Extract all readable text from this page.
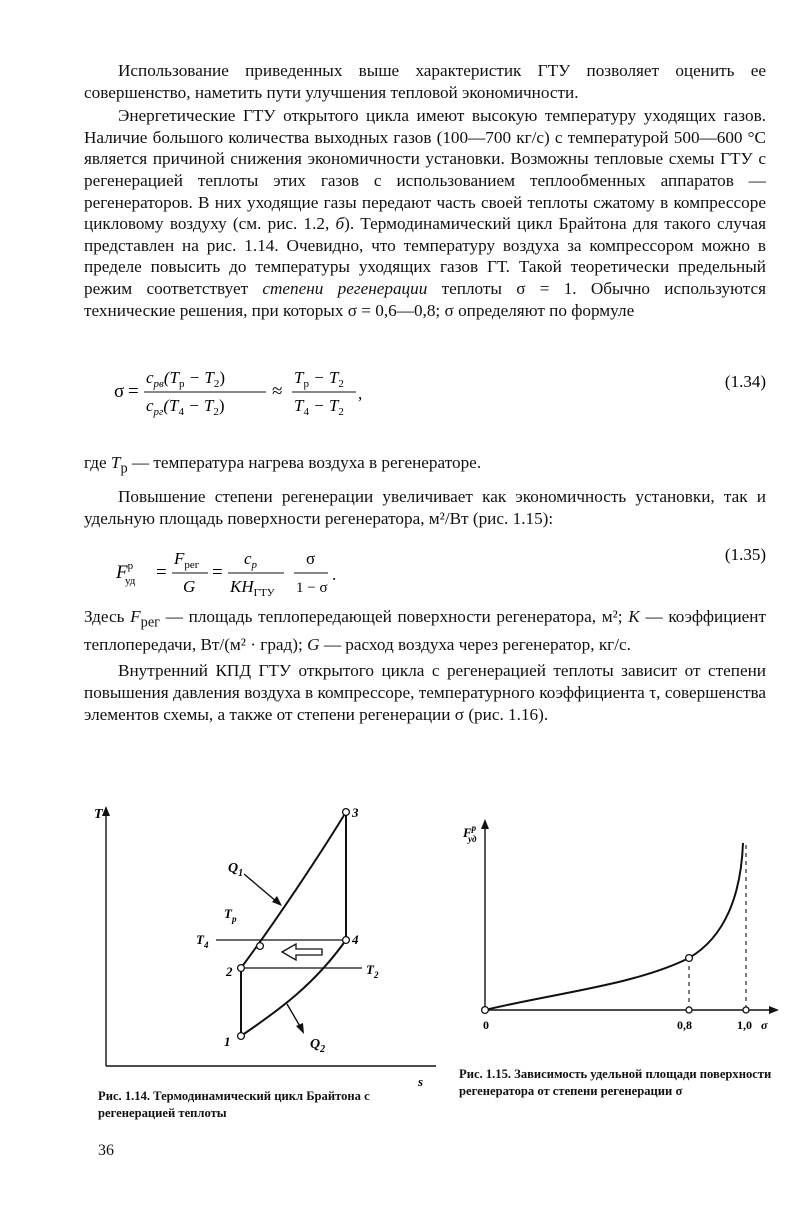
Использование приведенных выше характеристик ГТУ позволяет оценить ее совершенство, наметить пути улучшения тепловой экономичности.

Энергетические ГТУ открытого цикла имеют высокую температуру уходящих газов. Наличие большого количества выходных газов (100—700 кг/с) с температурой 500—600 °С является причиной снижения экономичности установки. Возможны тепловые схемы ГТУ с регенерацией теплоты этих газов с использованием теплообменных аппаратов — регенераторов. В них уходящие газы передают часть своей теплоты сжатому в компрессоре цикловому воздуху (см. рис. 1.2, б). Термодинамический цикл Брайтона для такого случая представлен на рис. 1.14. Очевидно, что температуру воздуха за компрессором можно в пределе повысить до температуры уходящих газов ГТ. Такой теоретически предельный режим соответствует степени регенерации теплоты σ = 1. Обычно используются технические решения, при которых σ = 0,6—0,8; σ определяют по формуле

σ =
$c_{pв}(T_р - T_2)$
$c_{pг}(T_4 - T_2)$
≈
$T_р - T_2$
$T_4 - T_2$
,
(1.34)

где $T_р$ — температура нагрева воздуха в регенераторе.

Повышение степени регенерации увеличивает как экономичность установки, так и удельную площадь поверхности регенератора, м²/Вт (рис. 1.15):

$F^р$ уд =
$F_{рег}$
G
=
$c_p$
$KH_{ГТУ}$
σ
1 − σ
.
(1.35)

Здесь $F_{рег}$ — площадь теплопередающей поверхности регенератора, м²; K — коэффициент теплопередачи, Вт/(м² · град); G — расход воздуха через регенератор, кг/с.

Внутренний КПД ГТУ открытого цикла с регенерацией теплоты зависит от степени повышения давления воздуха в компрессоре, температурного коэффициента τ, совершенства элементов схемы, а также от степени регенерации σ (рис. 1.16).

T
s
1
2
3
4
$Q_1$
$Q_2$
$T_р$
$T_4$
$T_2$
Рис. 1.14. Термодинамический цикл Брайтона с регенерацией теплоты
$F^р$ уд
0	0,8	1,0 σ
Рис. 1.15. Зависимость удельной площади поверхности регенератора от степени регенерации σ
36
